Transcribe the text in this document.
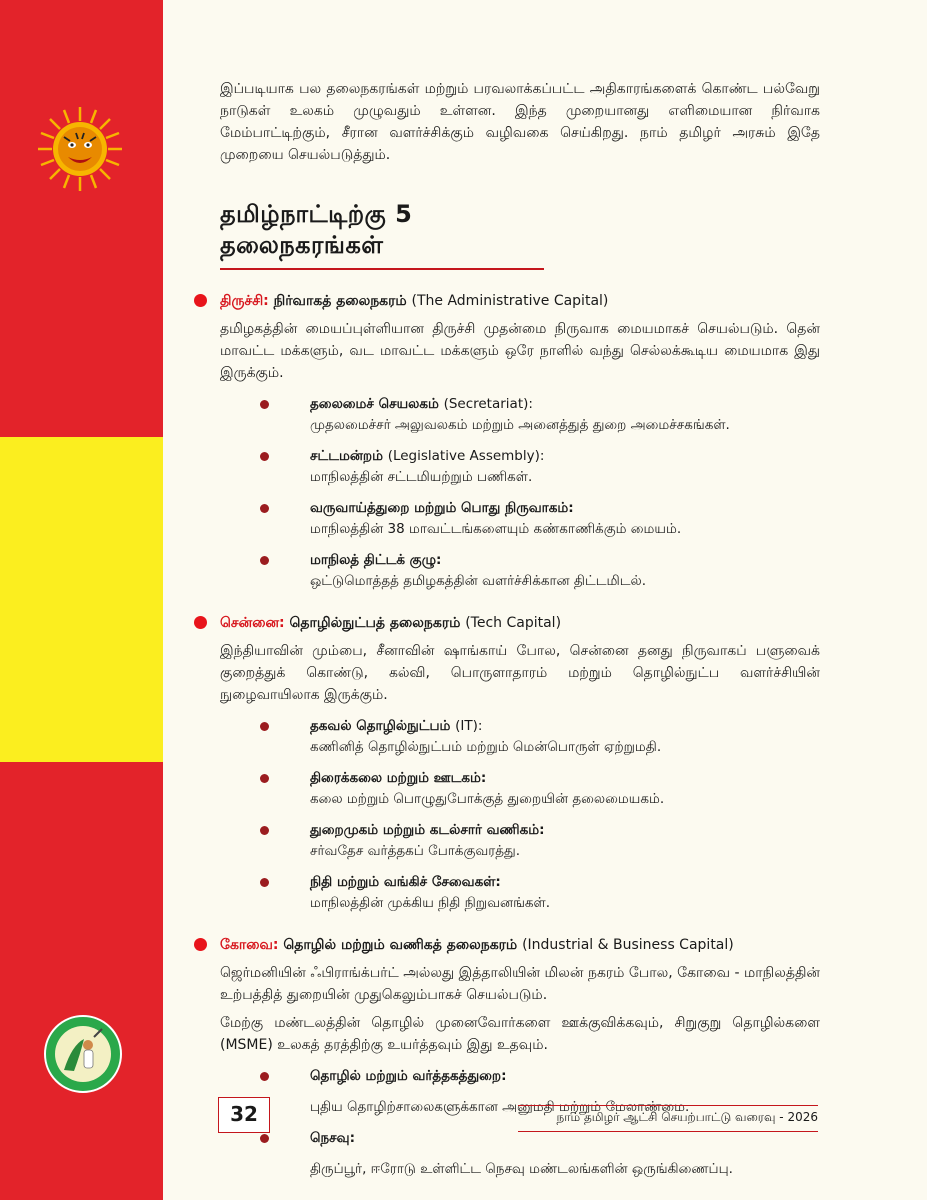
இப்படியாக பல தலைநகரங்கள் மற்றும் பரவலாக்கப்பட்ட அதிகாரங்களைக் கொண்ட பல்வேறு நாடுகள் உலகம் முழுவதும் உள்ளன. இந்த முறையானது எளிமையான நிர்வாக மேம்பாட்டிற்கும், சீரான வளர்ச்சிக்கும் வழிவகை செய்கிறது. நாம் தமிழர் அரசும் இதே முறையை செயல்படுத்தும்.

தமிழ்நாட்டிற்கு 5 தலைநகரங்கள்
திருச்சி: நிர்வாகத் தலைநகரம் (The Administrative Capital)

தமிழகத்தின் மையப்புள்ளியான திருச்சி முதன்மை நிருவாக மையமாகச் செயல்படும். தென் மாவட்ட மக்களும், வட மாவட்ட மக்களும் ஒரே நாளில் வந்து செல்லக்கூடிய மையமாக இது இருக்கும்.

தலைமைச் செயலகம் (Secretariat):
முதலமைச்சர் அலுவலகம் மற்றும் அனைத்துத் துறை அமைச்சகங்கள்.
சட்டமன்றம் (Legislative Assembly):
மாநிலத்தின் சட்டமியற்றும் பணிகள்.
வருவாய்த்துறை மற்றும் பொது நிருவாகம்:
மாநிலத்தின் 38 மாவட்டங்களையும் கண்காணிக்கும் மையம்.
மாநிலத் திட்டக் குழு:
ஒட்டுமொத்தத் தமிழகத்தின் வளர்ச்சிக்கான திட்டமிடல்.
சென்னை: தொழில்நுட்பத் தலைநகரம் (Tech Capital)

இந்தியாவின் மும்பை, சீனாவின் ஷாங்காய் போல, சென்னை தனது நிருவாகப் பளுவைக் குறைத்துக் கொண்டு, கல்வி, பொருளாதாரம் மற்றும் தொழில்நுட்ப வளர்ச்சியின் நுழைவாயிலாக இருக்கும்.

தகவல் தொழில்நுட்பம் (IT):
கணினித் தொழில்நுட்பம் மற்றும் மென்பொருள் ஏற்றுமதி.
திரைக்கலை மற்றும் ஊடகம்:
கலை மற்றும் பொழுதுபோக்குத் துறையின் தலைமையகம்.
துறைமுகம் மற்றும் கடல்சார் வணிகம்:
சர்வதேச வர்த்தகப் போக்குவரத்து.
நிதி மற்றும் வங்கிச் சேவைகள்:
மாநிலத்தின் முக்கிய நிதி நிறுவனங்கள்.
கோவை: தொழில் மற்றும் வணிகத் தலைநகரம் (Industrial & Business Capital)

ஜெர்மனியின் ஃபிராங்க்பர்ட் அல்லது இத்தாலியின் மிலன் நகரம் போல, கோவை - மாநிலத்தின் உற்பத்தித் துறையின் முதுகெலும்பாகச் செயல்படும்.

மேற்கு மண்டலத்தின் தொழில் முனைவோர்களை ஊக்குவிக்கவும், சிறுகுறு தொழில்களை (MSME) உலகத் தரத்திற்கு உயர்த்தவும் இது உதவும்.

தொழில் மற்றும் வர்த்தகத்துறை:
புதிய தொழிற்சாலைகளுக்கான அனுமதி மற்றும் மேலாண்மை.
நெசவு:
திருப்பூர், ஈரோடு உள்ளிட்ட நெசவு மண்டலங்களின் ஒருங்கிணைப்பு.
32	நாம் தமிழர் ஆட்சி செயற்பாட்டு வரைவு - 2026
